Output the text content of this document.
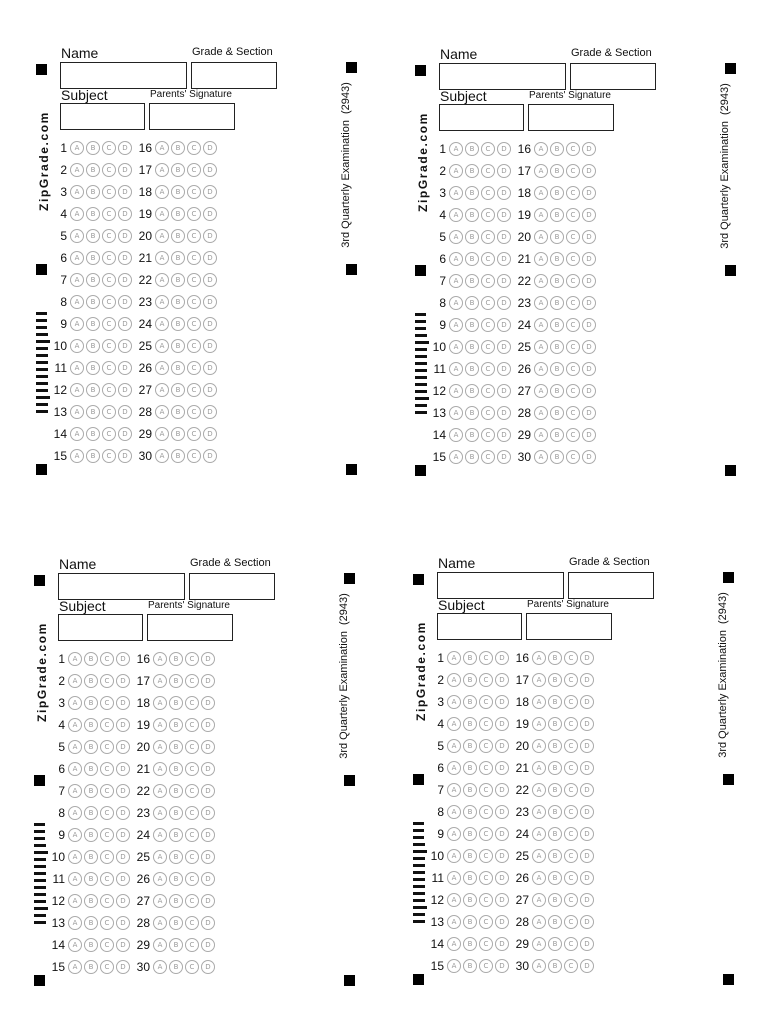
Name	Grade & Section
Subject	Parents' Signature
ZipGrade.com	3rd Quarterly Examination(2943)
1	A	B	C	D
2	A	B	C	D
3	A	B	C	D
4	A	B	C	D
5	A	B	C	D
6	A	B	C	D
7	A	B	C	D
8	A	B	C	D
9	A	B	C	D
10	A	B	C	D
11	A	B	C	D
12	A	B	C	D
13	A	B	C	D
14	A	B	C	D
15	A	B	C	D
16	A	B	C	D
17	A	B	C	D
18	A	B	C	D
19	A	B	C	D
20	A	B	C	D
21	A	B	C	D
22	A	B	C	D
23	A	B	C	D
24	A	B	C	D
25	A	B	C	D
26	A	B	C	D
27	A	B	C	D
28	A	B	C	D
29	A	B	C	D
30	A	B	C	D
Name	Grade & Section
Subject	Parents' Signature
ZipGrade.com	3rd Quarterly Examination(2943)
1	A	B	C	D
2	A	B	C	D
3	A	B	C	D
4	A	B	C	D
5	A	B	C	D
6	A	B	C	D
7	A	B	C	D
8	A	B	C	D
9	A	B	C	D
10	A	B	C	D
11	A	B	C	D
12	A	B	C	D
13	A	B	C	D
14	A	B	C	D
15	A	B	C	D
16	A	B	C	D
17	A	B	C	D
18	A	B	C	D
19	A	B	C	D
20	A	B	C	D
21	A	B	C	D
22	A	B	C	D
23	A	B	C	D
24	A	B	C	D
25	A	B	C	D
26	A	B	C	D
27	A	B	C	D
28	A	B	C	D
29	A	B	C	D
30	A	B	C	D
Name	Grade & Section
Subject	Parents' Signature
ZipGrade.com	3rd Quarterly Examination(2943)
1	A	B	C	D
2	A	B	C	D
3	A	B	C	D
4	A	B	C	D
5	A	B	C	D
6	A	B	C	D
7	A	B	C	D
8	A	B	C	D
9	A	B	C	D
10	A	B	C	D
11	A	B	C	D
12	A	B	C	D
13	A	B	C	D
14	A	B	C	D
15	A	B	C	D
16	A	B	C	D
17	A	B	C	D
18	A	B	C	D
19	A	B	C	D
20	A	B	C	D
21	A	B	C	D
22	A	B	C	D
23	A	B	C	D
24	A	B	C	D
25	A	B	C	D
26	A	B	C	D
27	A	B	C	D
28	A	B	C	D
29	A	B	C	D
30	A	B	C	D
Name	Grade & Section
Subject	Parents' Signature
ZipGrade.com	3rd Quarterly Examination(2943)
1	A	B	C	D
2	A	B	C	D
3	A	B	C	D
4	A	B	C	D
5	A	B	C	D
6	A	B	C	D
7	A	B	C	D
8	A	B	C	D
9	A	B	C	D
10	A	B	C	D
11	A	B	C	D
12	A	B	C	D
13	A	B	C	D
14	A	B	C	D
15	A	B	C	D
16	A	B	C	D
17	A	B	C	D
18	A	B	C	D
19	A	B	C	D
20	A	B	C	D
21	A	B	C	D
22	A	B	C	D
23	A	B	C	D
24	A	B	C	D
25	A	B	C	D
26	A	B	C	D
27	A	B	C	D
28	A	B	C	D
29	A	B	C	D
30	A	B	C	D
